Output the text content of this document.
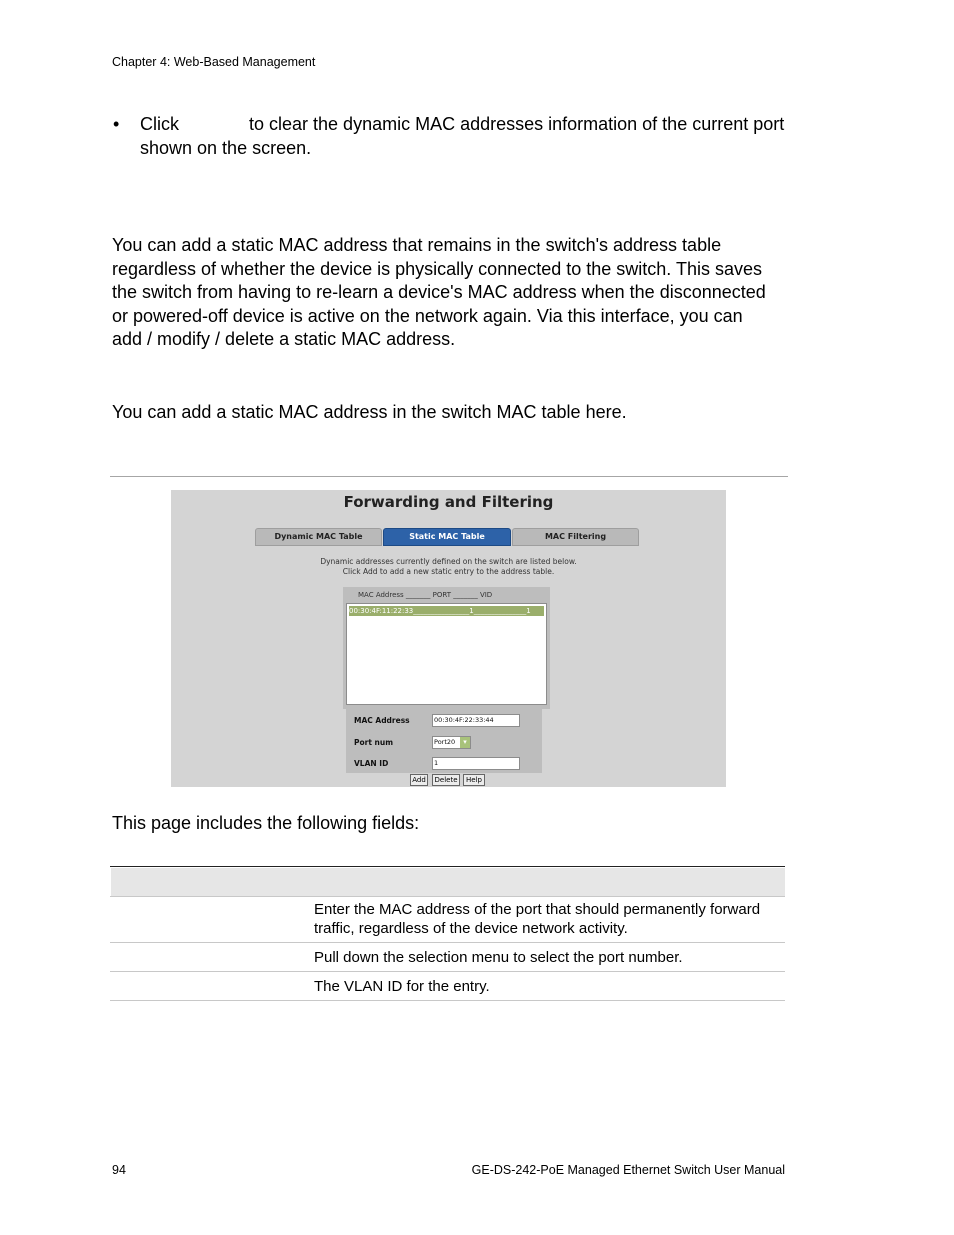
Chapter 4: Web-Based Management
• Click	to clear the dynamic MAC addresses information of the current port shown on the screen.
You can add a static MAC address that remains in the switch's address table regardless of whether the device is physically connected to the switch. This saves the switch from having to re-learn a device's MAC address when the disconnected or powered-off device is active on the network again. Via this interface, you can add / modify / delete a static MAC address.
You can add a static MAC address in the switch MAC table here.
Forwarding and Filtering
Dynamic MAC Table	Static MAC Table	MAC Filtering
Dynamic addresses currently defined on the switch are listed below.
Click Add to add a new static entry to the address table.
MAC Address _______ PORT _______ VID
00:30:4F:11:22:33________________1_______________1
MAC Address	00:30:4F:22:33:44
Port num	Port20	▾
VLAN ID	1
Add	Delete	Help
This page includes the following fields:
Enter the MAC address of the port that should permanently forward traffic, regardless of the device network activity.
Pull down the selection menu to select the port number.
The VLAN ID for the entry.
94	GE-DS-242-PoE Managed Ethernet Switch User Manual
